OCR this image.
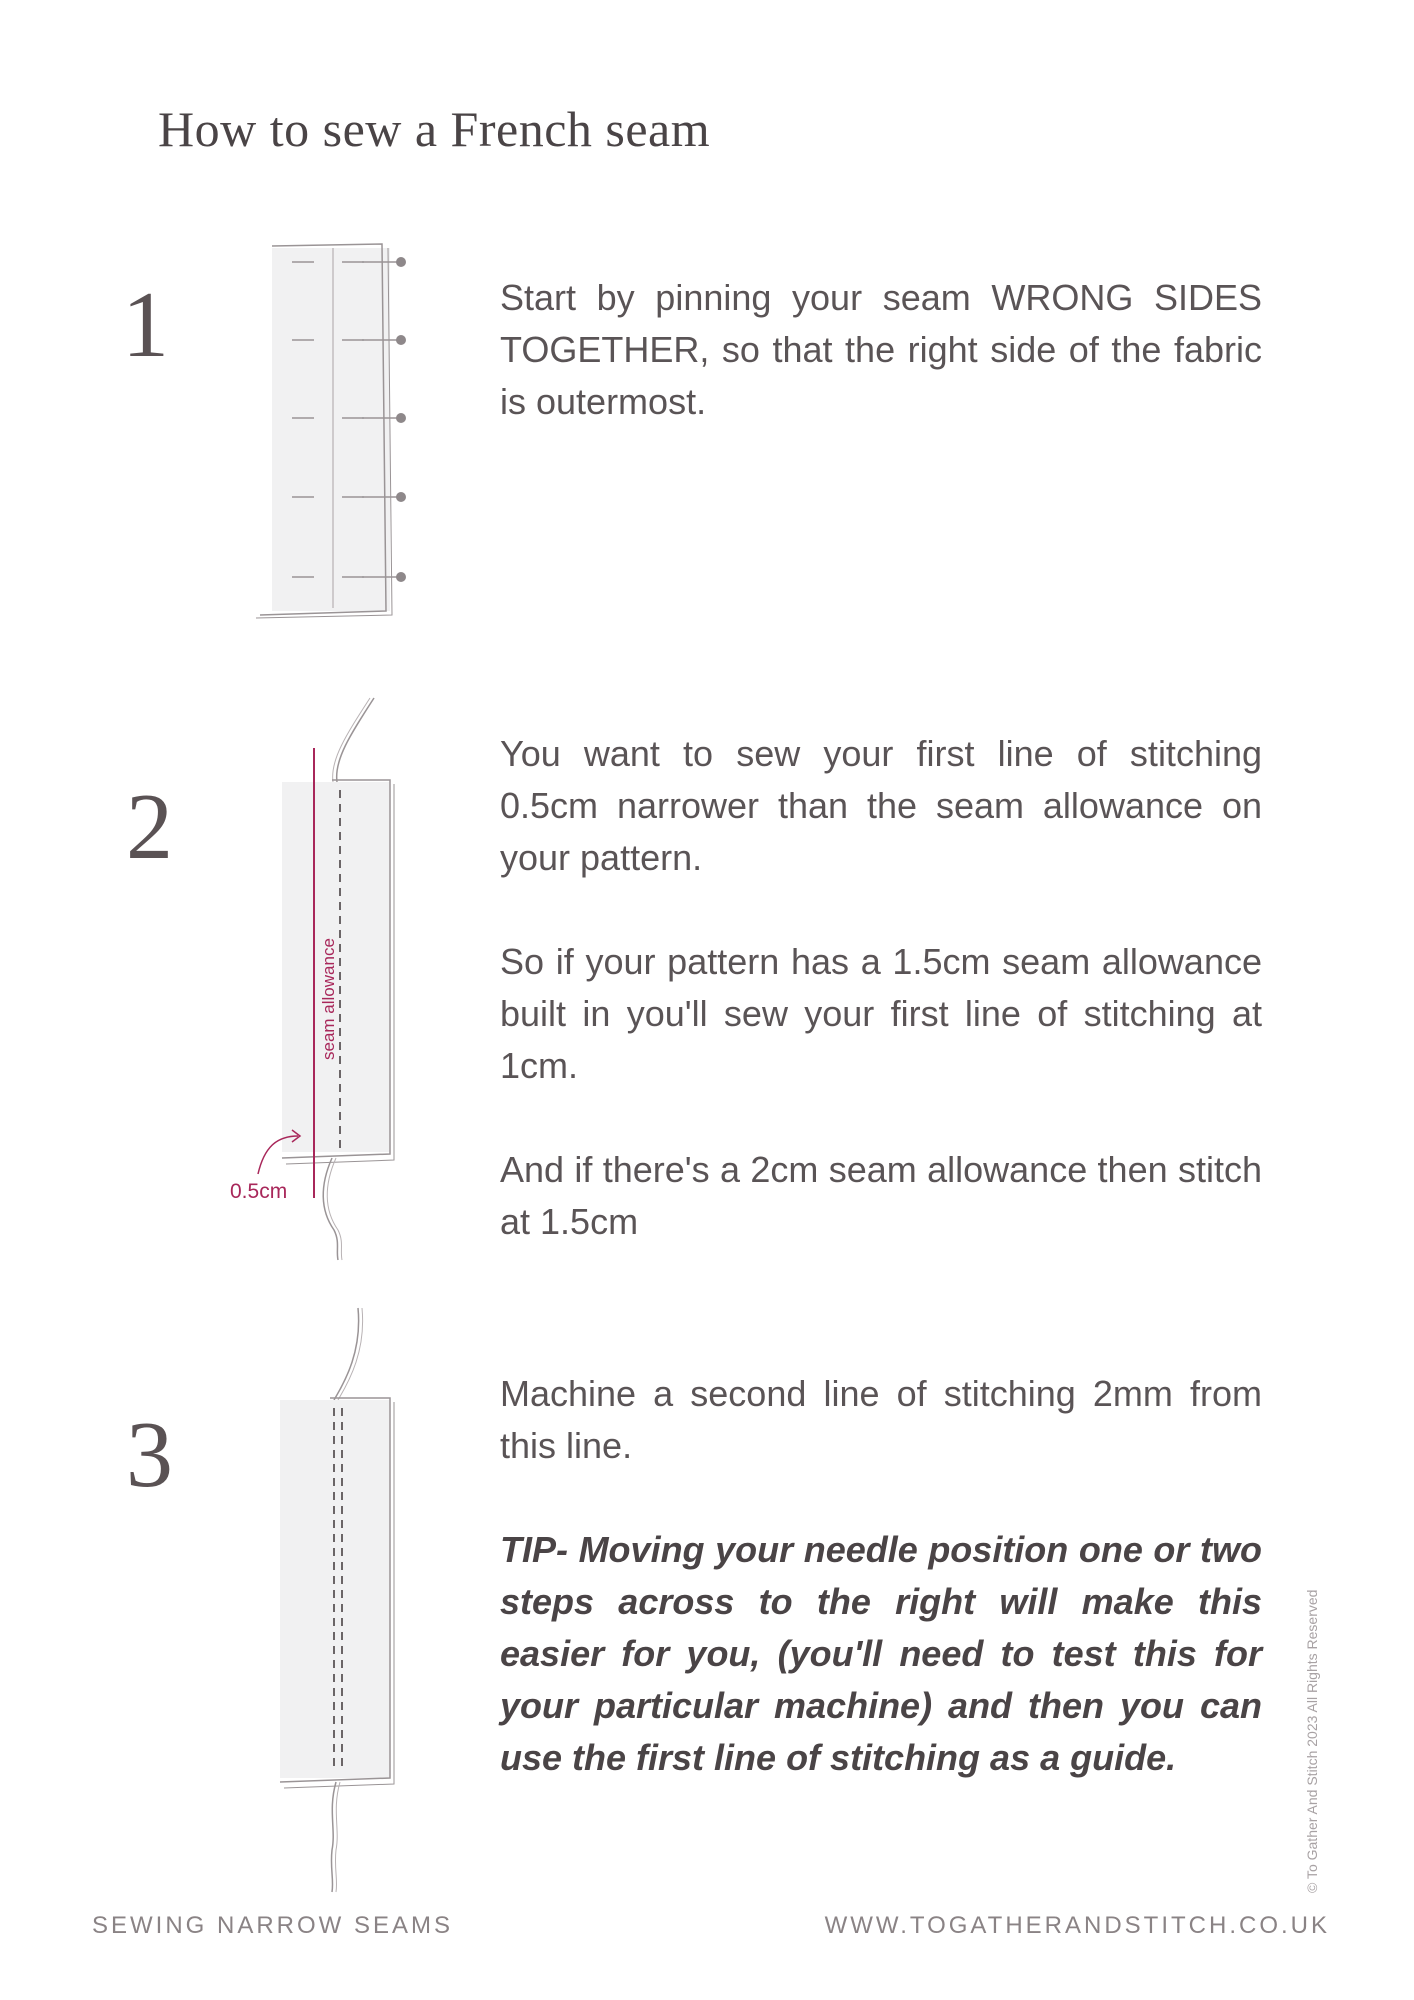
How to sew a French seam
1	Start by pinning your seam WRONG SIDES TOGETHER, so that the right side of the fabric is outermost.

2
seam allowance
0.5cm

You want to sew your first line of stitching 0.5cm narrower than the seam allowance on your pattern.

So if your pattern has a 1.5cm seam allowance built in you'll sew your first line of stitching at 1cm.

And if there's a 2cm seam allowance then stitch at 1.5cm

3

Machine a second line of stitching 2mm from this line.

TIP- Moving your needle position one or two steps across to the right will make this easier for you, (you'll need to test this for your particular machine) and then you can use the first line of stitching as a guide.	© To Gather And Stitch 2023 All Rights Reserved
SEWING NARROW SEAMS	WWW.TOGATHERANDSTITCH.CO.UK
